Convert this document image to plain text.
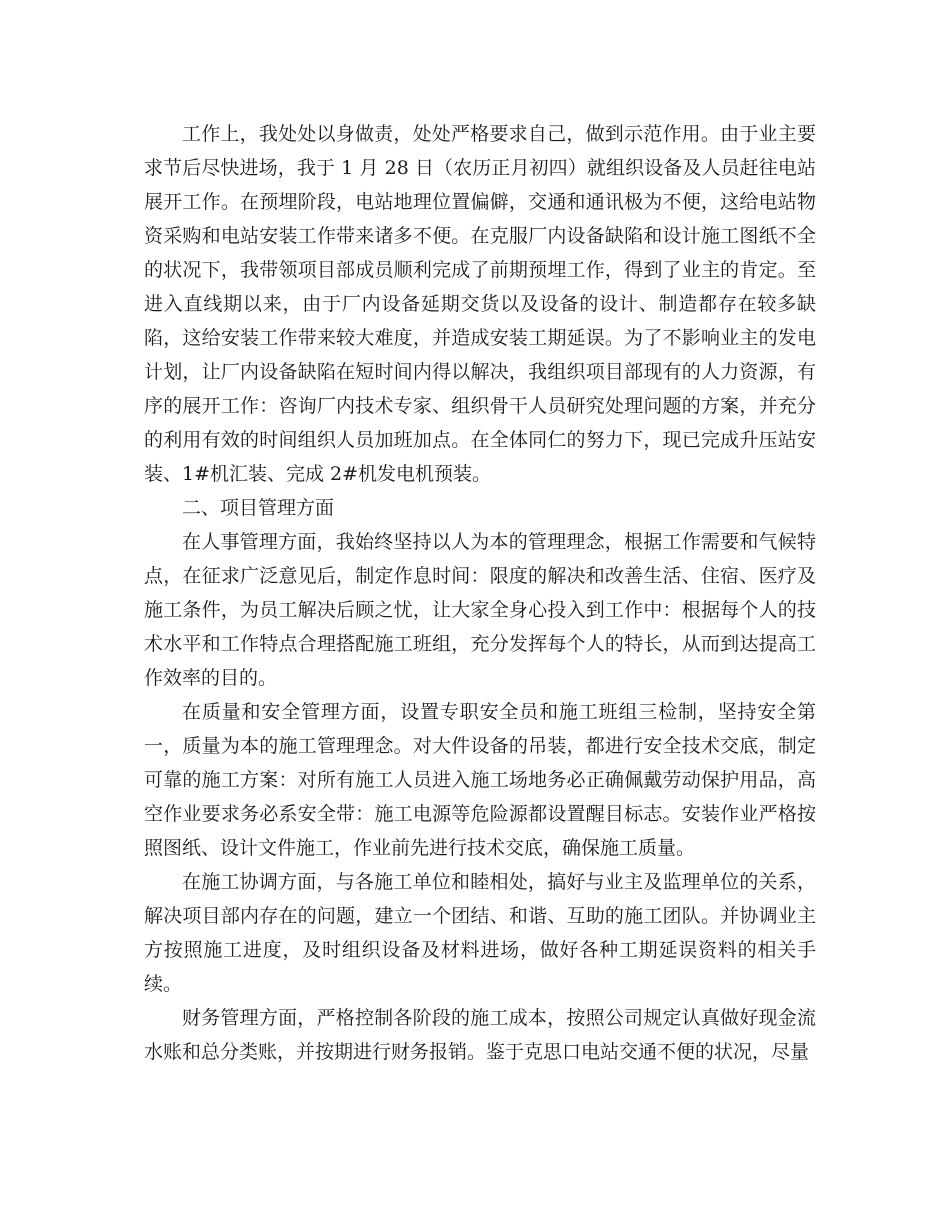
工作上，我处处以身做责，处处严格要求自己，做到示范作用。由于业主要求节后尽快进场，我于 1 月 28 日（农历正月初四）就组织设备及人员赶往电站展开工作。在预埋阶段，电站地理位置偏僻，交通和通讯极为不便，这给电站物资采购和电站安装工作带来诸多不便。在克服厂内设备缺陷和设计施工图纸不全的状况下，我带领项目部成员顺利完成了前期预埋工作，得到了业主的肯定。至进入直线期以来，由于厂内设备延期交货以及设备的设计、制造都存在较多缺陷，这给安装工作带来较大难度，并造成安装工期延误。为了不影响业主的发电计划，让厂内设备缺陷在短时间内得以解决，我组织项目部现有的人力资源，有序的展开工作：咨询厂内技术专家、组织骨干人员研究处理问题的方案，并充分的利用有效的时间组织人员加班加点。在全体同仁的努力下，现已完成升压站安装、1#机汇装、完成 2#机发电机预装。

二、项目管理方面

在人事管理方面，我始终坚持以人为本的管理理念，根据工作需要和气候特点，在征求广泛意见后，制定作息时间：限度的解决和改善生活、住宿、医疗及施工条件，为员工解决后顾之忧，让大家全身心投入到工作中：根据每个人的技术水平和工作特点合理搭配施工班组，充分发挥每个人的特长，从而到达提高工作效率的目的。

在质量和安全管理方面，设置专职安全员和施工班组三检制，坚持安全第一，质量为本的施工管理理念。对大件设备的吊装，都进行安全技术交底，制定可靠的施工方案：对所有施工人员进入施工场地务必正确佩戴劳动保护用品，高空作业要求务必系安全带：施工电源等危险源都设置醒目标志。安装作业严格按照图纸、设计文件施工，作业前先进行技术交底，确保施工质量。

在施工协调方面，与各施工单位和睦相处，搞好与业主及监理单位的关系，解决项目部内存在的问题，建立一个团结、和谐、互助的施工团队。并协调业主方按照施工进度，及时组织设备及材料进场，做好各种工期延误资料的相关手续。

财务管理方面，严格控制各阶段的施工成本，按照公司规定认真做好现金流水账和总分类账，并按期进行财务报销。鉴于克思口电站交通不便的状况，尽量
